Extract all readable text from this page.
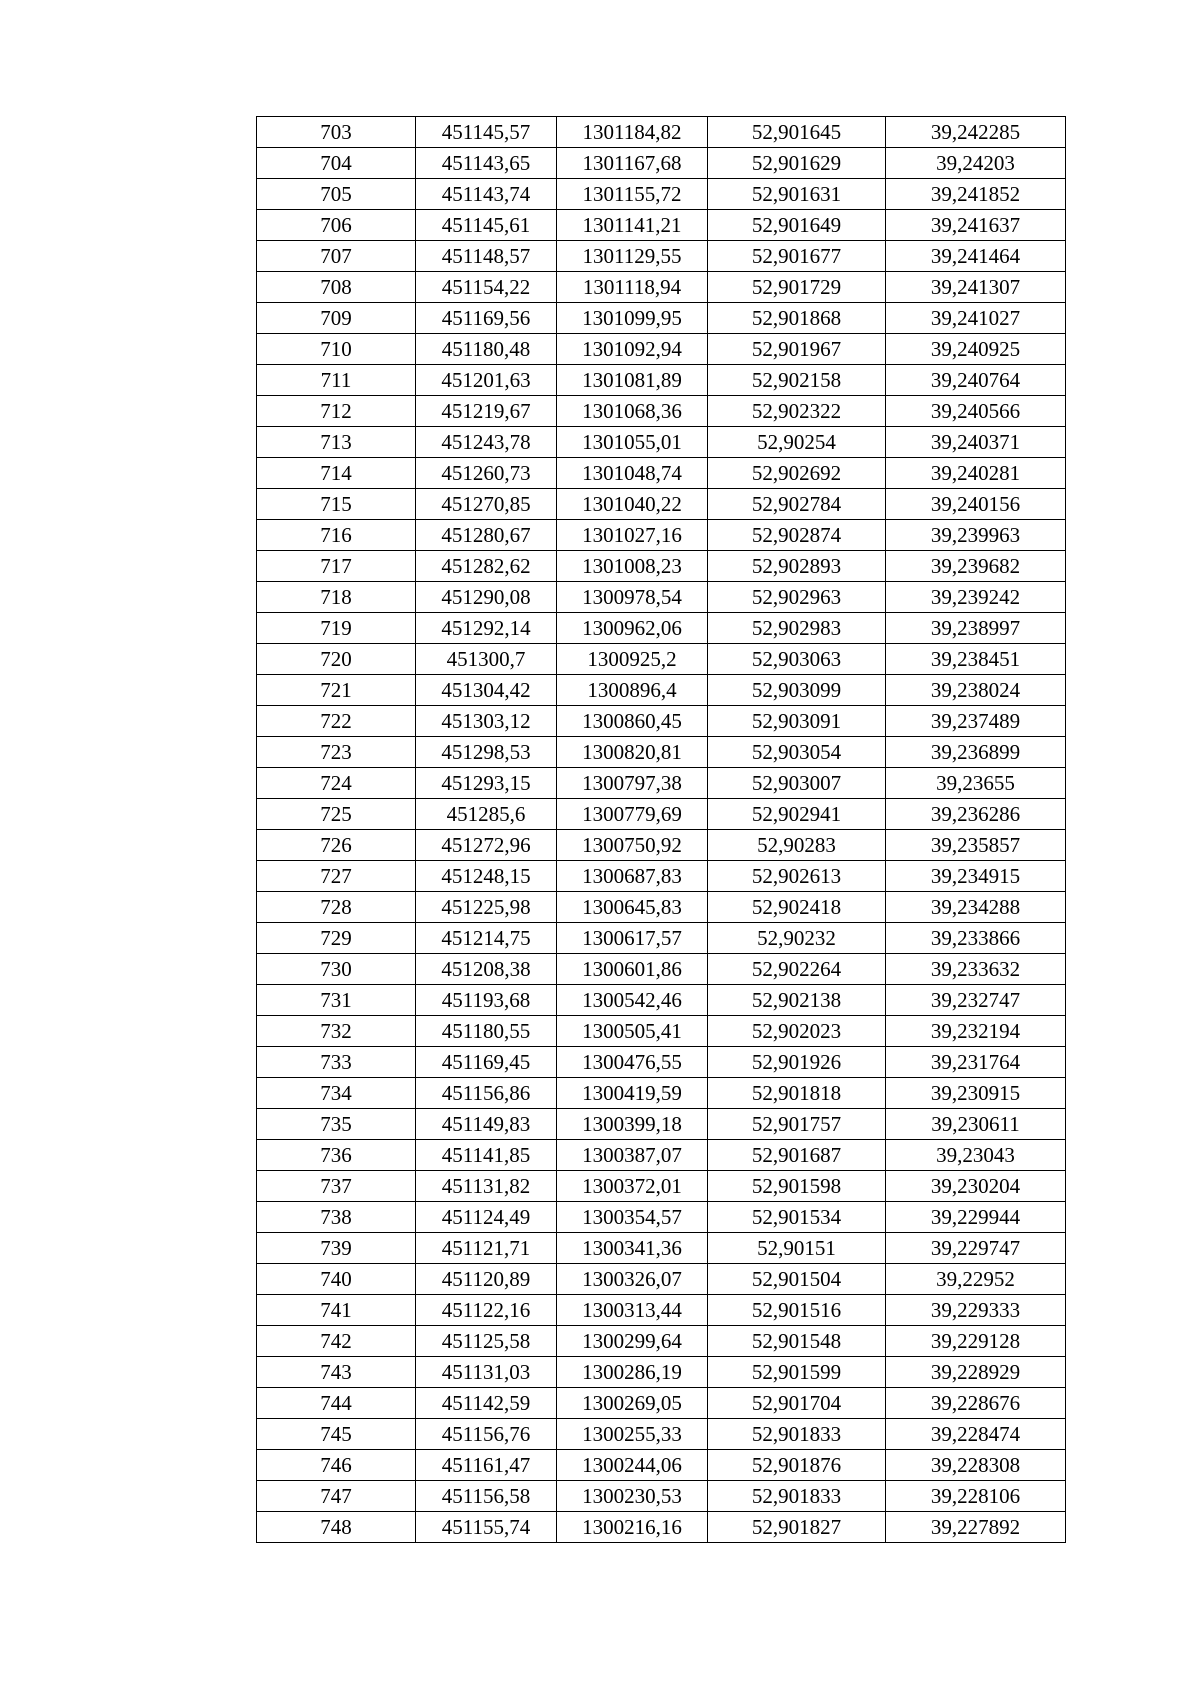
703	451145,57	1301184,82	52,901645	39,242285
704	451143,65	1301167,68	52,901629	39,24203
705	451143,74	1301155,72	52,901631	39,241852
706	451145,61	1301141,21	52,901649	39,241637
707	451148,57	1301129,55	52,901677	39,241464
708	451154,22	1301118,94	52,901729	39,241307
709	451169,56	1301099,95	52,901868	39,241027
710	451180,48	1301092,94	52,901967	39,240925
711	451201,63	1301081,89	52,902158	39,240764
712	451219,67	1301068,36	52,902322	39,240566
713	451243,78	1301055,01	52,90254	39,240371
714	451260,73	1301048,74	52,902692	39,240281
715	451270,85	1301040,22	52,902784	39,240156
716	451280,67	1301027,16	52,902874	39,239963
717	451282,62	1301008,23	52,902893	39,239682
718	451290,08	1300978,54	52,902963	39,239242
719	451292,14	1300962,06	52,902983	39,238997
720	451300,7	1300925,2	52,903063	39,238451
721	451304,42	1300896,4	52,903099	39,238024
722	451303,12	1300860,45	52,903091	39,237489
723	451298,53	1300820,81	52,903054	39,236899
724	451293,15	1300797,38	52,903007	39,23655
725	451285,6	1300779,69	52,902941	39,236286
726	451272,96	1300750,92	52,90283	39,235857
727	451248,15	1300687,83	52,902613	39,234915
728	451225,98	1300645,83	52,902418	39,234288
729	451214,75	1300617,57	52,90232	39,233866
730	451208,38	1300601,86	52,902264	39,233632
731	451193,68	1300542,46	52,902138	39,232747
732	451180,55	1300505,41	52,902023	39,232194
733	451169,45	1300476,55	52,901926	39,231764
734	451156,86	1300419,59	52,901818	39,230915
735	451149,83	1300399,18	52,901757	39,230611
736	451141,85	1300387,07	52,901687	39,23043
737	451131,82	1300372,01	52,901598	39,230204
738	451124,49	1300354,57	52,901534	39,229944
739	451121,71	1300341,36	52,90151	39,229747
740	451120,89	1300326,07	52,901504	39,22952
741	451122,16	1300313,44	52,901516	39,229333
742	451125,58	1300299,64	52,901548	39,229128
743	451131,03	1300286,19	52,901599	39,228929
744	451142,59	1300269,05	52,901704	39,228676
745	451156,76	1300255,33	52,901833	39,228474
746	451161,47	1300244,06	52,901876	39,228308
747	451156,58	1300230,53	52,901833	39,228106
748	451155,74	1300216,16	52,901827	39,227892
